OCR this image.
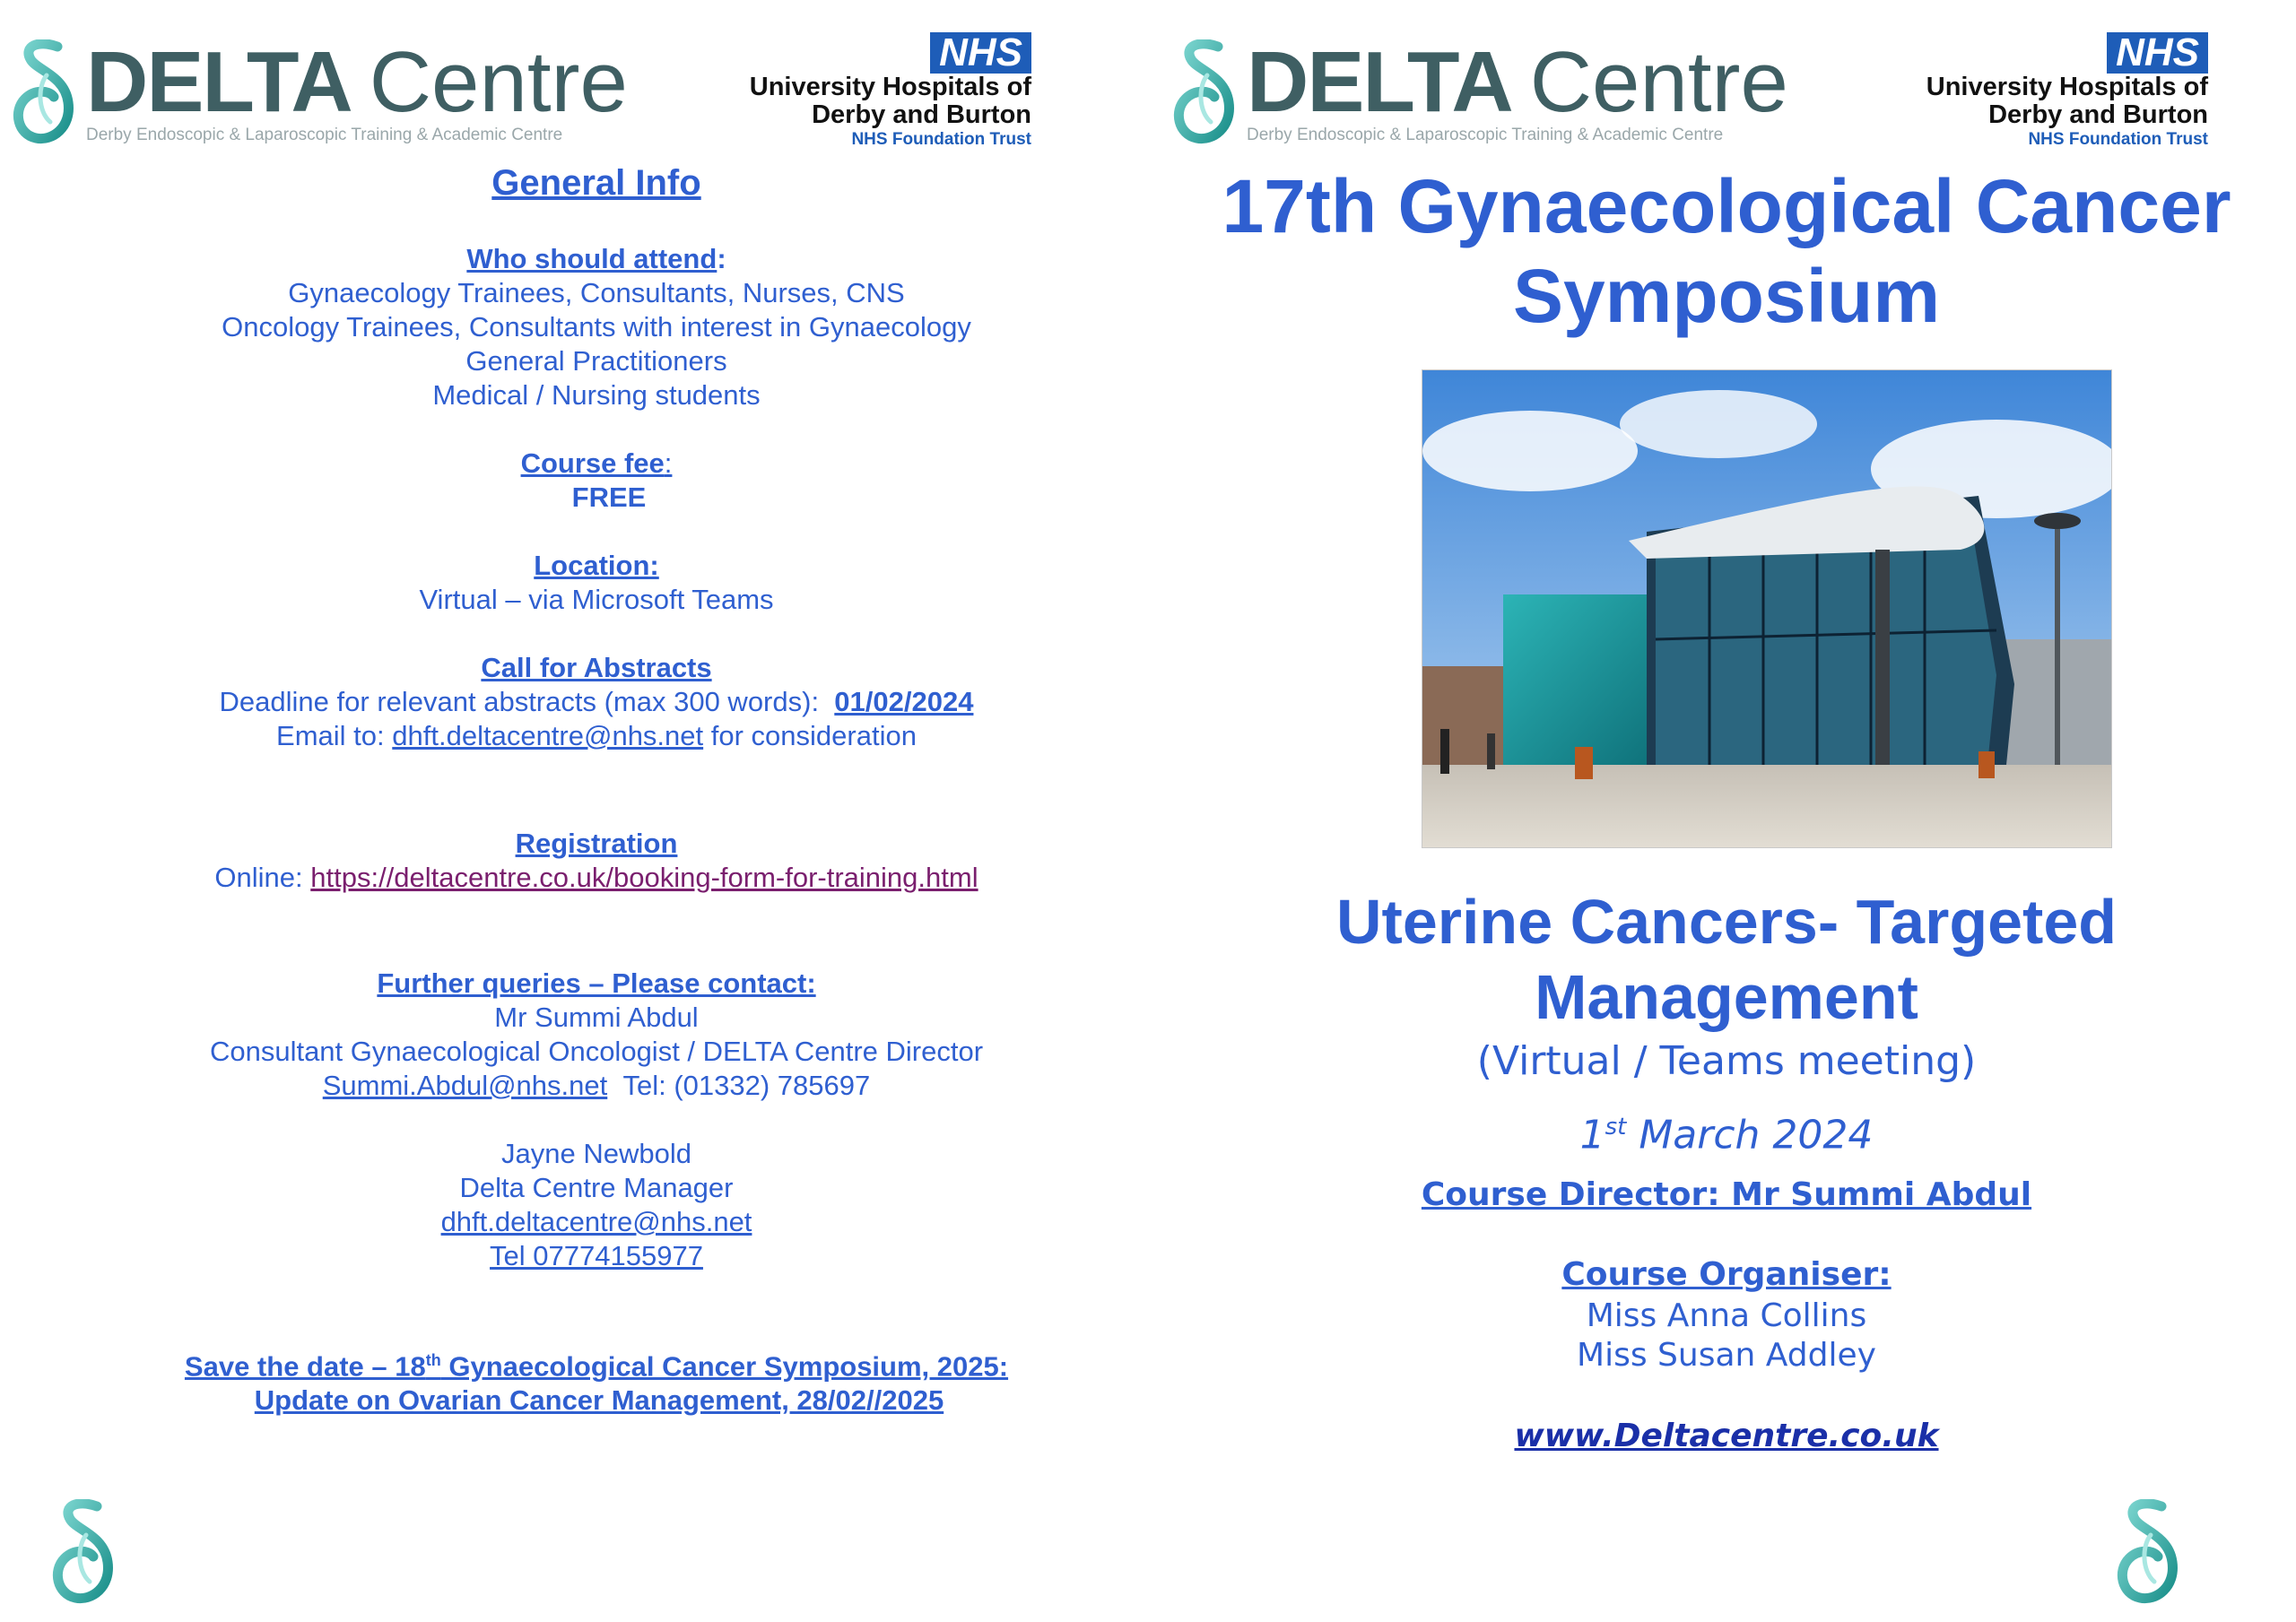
DELTA Centre
Derby Endoscopic & Laparoscopic Training & Academic Centre
NHS
University Hospitals of
Derby and Burton
NHS Foundation Trust
General Info
Who should attend:
Gynaecology Trainees, Consultants, Nurses, CNS
Oncology Trainees, Consultants with interest in Gynaecology
General Practitioners
Medical / Nursing students
Course fee:
FREE
Location:
Virtual – via Microsoft Teams
Call for Abstracts
Deadline for relevant abstracts (max 300 words): 01/02/2024
Email to: dhft.deltacentre@nhs.net for consideration
Registration
Online: https://deltacentre.co.uk/booking-form-for-training.html
Further queries – Please contact:
Mr Summi Abdul
Consultant Gynaecological Oncologist / DELTA Centre Director
Summi.Abdul@nhs.net Tel: (01332) 785697
Jayne Newbold
Delta Centre Manager
dhft.deltacentre@nhs.net
Tel 07774155977
Save the date – 18th Gynaecological Cancer Symposium, 2025:
Update on Ovarian Cancer Management, 28/02//2025
DELTA Centre
Derby Endoscopic & Laparoscopic Training & Academic Centre
NHS
University Hospitals of
Derby and Burton
NHS Foundation Trust
17th Gynaecological Cancer
Symposium
Uterine Cancers- Targeted
Management
(Virtual / Teams meeting)
1st March 2024
Course Director: Mr Summi Abdul
Course Organiser:
Miss Anna Collins
Miss Susan Addley
www.Deltacentre.co.uk
